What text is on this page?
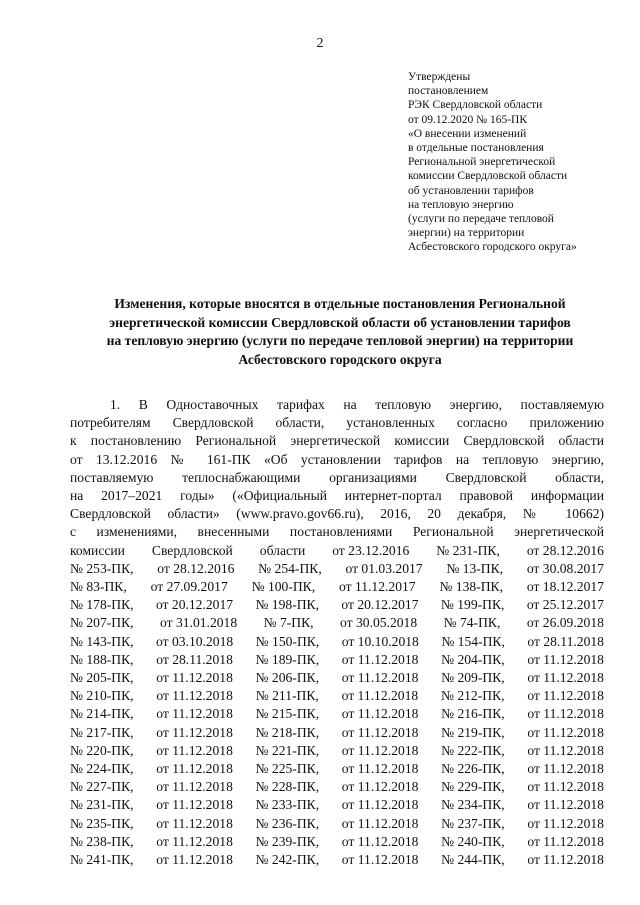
2
Утверждены
постановлением
РЭК Свердловской области
от 09.12.2020 № 165-ПК
«О внесении изменений
в отдельные постановления
Региональной энергетической
комиссии Свердловской области
об установлении тарифов
на тепловую энергию
(услуги по передаче тепловой
энергии) на территории
Асбестовского городского округа»
Изменения, которые вносятся в отдельные постановления Региональной
энергетической комиссии Свердловской области об установлении тарифов
на тепловую энергию (услуги по передаче тепловой энергии) на территории
Асбестовского городского округа
1. В Одноставочных тарифах на тепловую энергию, поставляемую
потребителям Свердловской области, установленных согласно приложению
к постановлению Региональной энергетической комиссии Свердловской области
от 13.12.2016 № 161-ПК «Об установлении тарифов на тепловую энергию,
поставляемую теплоснабжающими организациями Свердловской области,
на 2017–2021 годы» («Официальный интернет-портал правовой информации
Свердловской области» (www.pravo.gov66.ru), 2016, 20 декабря, № 10662)
с изменениями, внесенными постановлениями Региональной энергетической
комиссии Свердловской области от 23.12.2016 № 231-ПК, от 28.12.2016
№ 253-ПК, от 28.12.2016 № 254-ПК, от 01.03.2017 № 13-ПК, от 30.08.2017
№ 83-ПК, от 27.09.2017 № 100-ПК, от 11.12.2017 № 138-ПК, от 18.12.2017
№ 178-ПК, от 20.12.2017 № 198-ПК, от 20.12.2017 № 199-ПК, от 25.12.2017
№ 207-ПК, от 31.01.2018 № 7-ПК, от 30.05.2018 № 74-ПК, от 26.09.2018
№ 143-ПК, от 03.10.2018 № 150-ПК, от 10.10.2018 № 154-ПК, от 28.11.2018
№ 188-ПК, от 28.11.2018 № 189-ПК, от 11.12.2018 № 204-ПК, от 11.12.2018
№ 205-ПК, от 11.12.2018 № 206-ПК, от 11.12.2018 № 209-ПК, от 11.12.2018
№ 210-ПК, от 11.12.2018 № 211-ПК, от 11.12.2018 № 212-ПК, от 11.12.2018
№ 214-ПК, от 11.12.2018 № 215-ПК, от 11.12.2018 № 216-ПК, от 11.12.2018
№ 217-ПК, от 11.12.2018 № 218-ПК, от 11.12.2018 № 219-ПК, от 11.12.2018
№ 220-ПК, от 11.12.2018 № 221-ПК, от 11.12.2018 № 222-ПК, от 11.12.2018
№ 224-ПК, от 11.12.2018 № 225-ПК, от 11.12.2018 № 226-ПК, от 11.12.2018
№ 227-ПК, от 11.12.2018 № 228-ПК, от 11.12.2018 № 229-ПК, от 11.12.2018
№ 231-ПК, от 11.12.2018 № 233-ПК, от 11.12.2018 № 234-ПК, от 11.12.2018
№ 235-ПК, от 11.12.2018 № 236-ПК, от 11.12.2018 № 237-ПК, от 11.12.2018
№ 238-ПК, от 11.12.2018 № 239-ПК, от 11.12.2018 № 240-ПК, от 11.12.2018
№ 241-ПК, от 11.12.2018 № 242-ПК, от 11.12.2018 № 244-ПК, от 11.12.2018
